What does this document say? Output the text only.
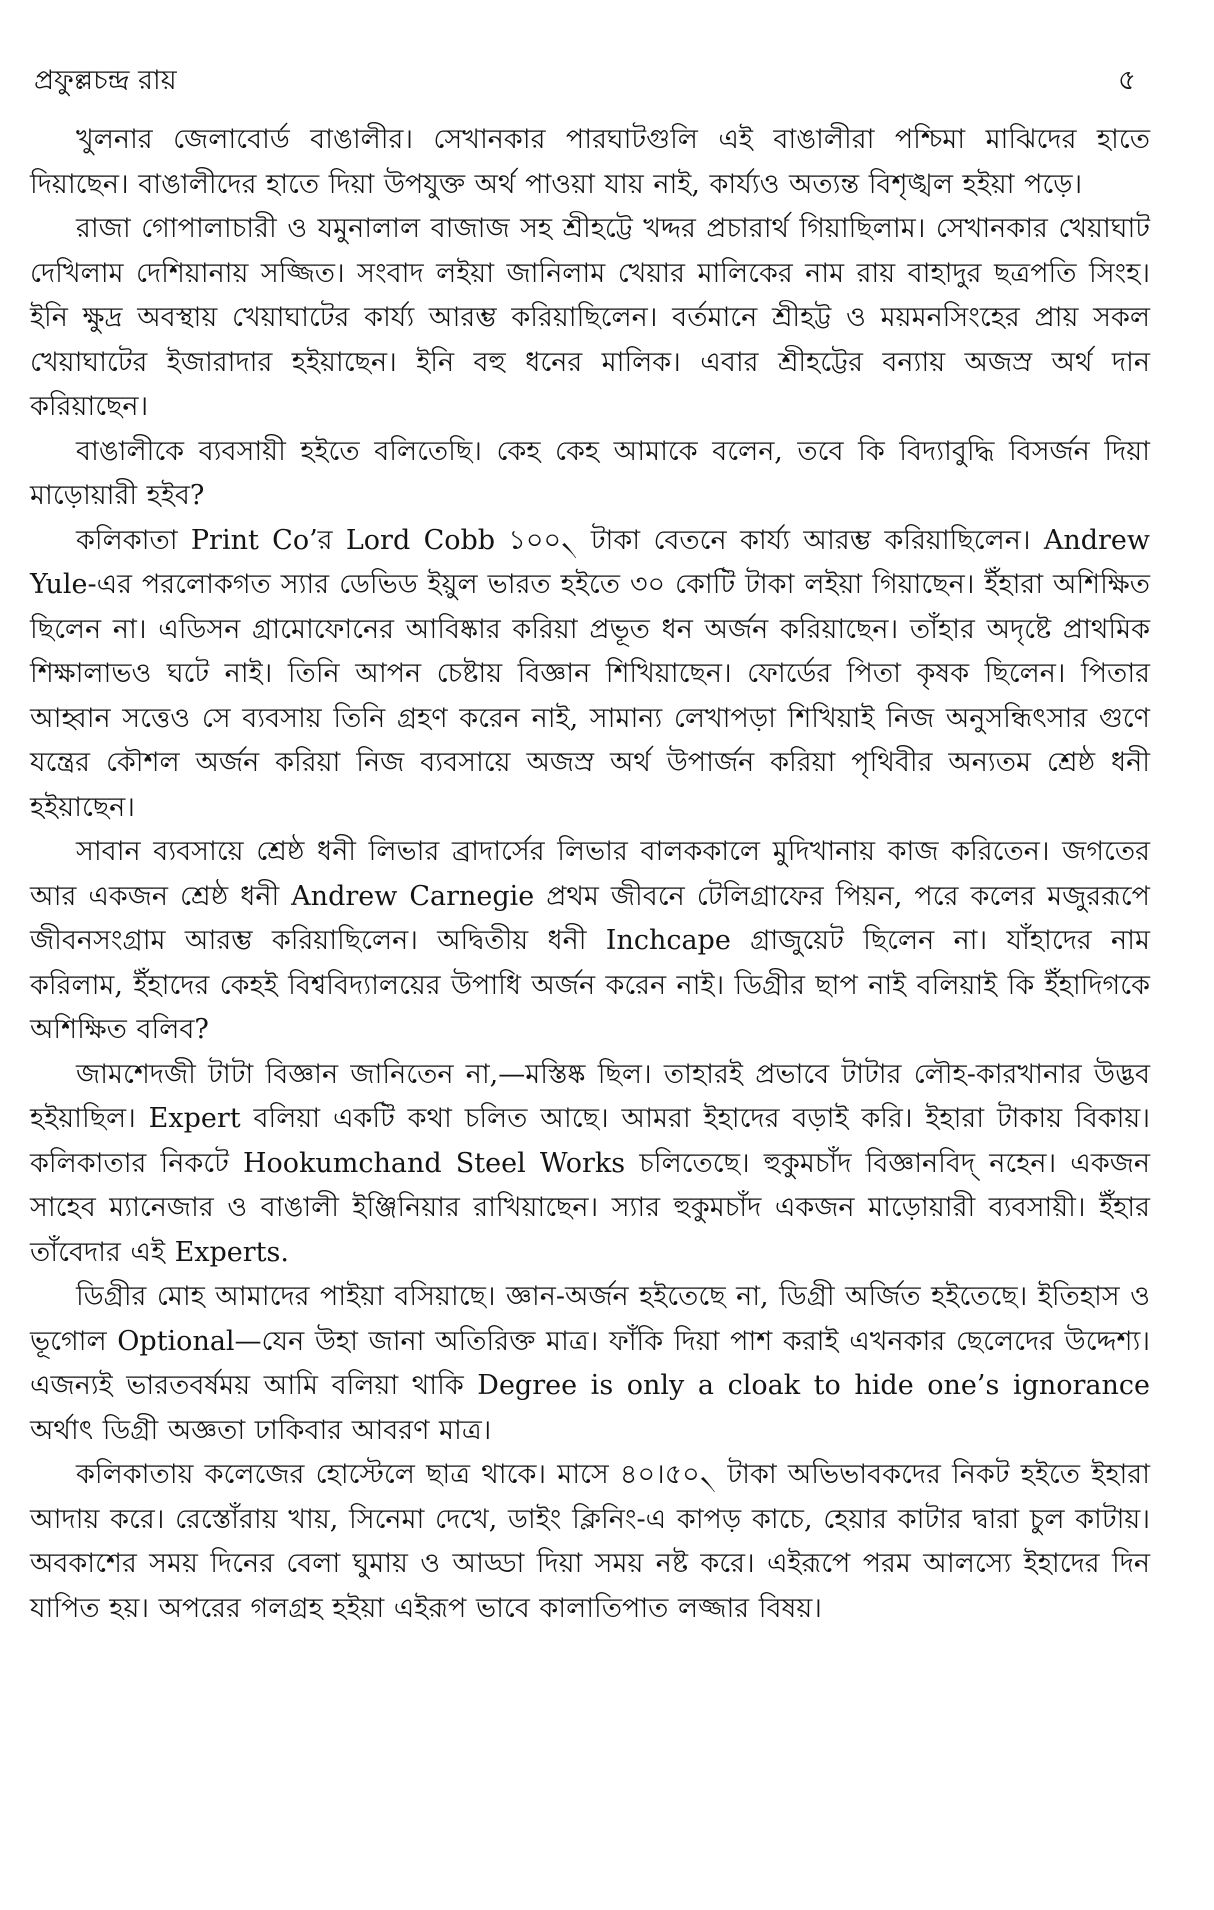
প্রফুল্লচন্দ্র রায়	৫

খুলনার জেলাবোর্ড বাঙালীর। সেখানকার পারঘাটগুলি এই বাঙালীরা পশ্চিমা মাঝিদের হাতে দিয়াছেন। বাঙালীদের হাতে দিয়া উপযুক্ত অর্থ পাওয়া যায় নাই, কার্য্যও অত্যন্ত বিশৃঙ্খল হইয়া পড়ে।

রাজা গোপালাচারী ও যমুনালাল বাজাজ সহ শ্রীহট্টে খদ্দর প্রচারার্থ গিয়াছিলাম। সেখানকার খেয়াঘাট দেখিলাম দেশিয়ানায় সজ্জিত। সংবাদ লইয়া জানিলাম খেয়ার মালিকের নাম রায় বাহাদুর ছত্রপতি সিংহ। ইনি ক্ষুদ্র অবস্থায় খেয়াঘাটের কার্য্য আরম্ভ করিয়াছিলেন। বর্তমানে শ্রীহট্ট ও ময়মনসিংহের প্রায় সকল খেয়াঘাটের ইজারাদার হইয়াছেন। ইনি বহু ধনের মালিক। এবার শ্রীহট্টের বন্যায় অজস্র অর্থ দান করিয়াছেন।

বাঙালীকে ব্যবসায়ী হইতে বলিতেছি। কেহ কেহ আমাকে বলেন, তবে কি বিদ্যাবুদ্ধি বিসর্জন দিয়া মাড়োয়ারী হইব?

কলিকাতা Print Co’র Lord Cobb ১০০৲ টাকা বেতনে কার্য্য আরম্ভ করিয়াছিলেন। Andrew Yule-এর পরলোকগত স্যার ডেভিড ইয়ুল ভারত হইতে ৩০ কোটি টাকা লইয়া গিয়াছেন। ইঁহারা অশিক্ষিত ছিলেন না। এডিসন গ্রামোফোনের আবিষ্কার করিয়া প্রভূত ধন অর্জন করিয়াছেন। তাঁহার অদৃষ্টে প্রাথমিক শিক্ষালাভও ঘটে নাই। তিনি আপন চেষ্টায় বিজ্ঞান শিখিয়াছেন। ফোর্ডের পিতা কৃষক ছিলেন। পিতার আহ্বান সত্তেও সে ব্যবসায় তিনি গ্রহণ করেন নাই, সামান্য লেখাপড়া শিখিয়াই নিজ অনুসন্ধিৎসার গুণে যন্ত্রের কৌশল অর্জন করিয়া নিজ ব্যবসায়ে অজস্র অর্থ উপার্জন করিয়া পৃথিবীর অন্যতম শ্রেষ্ঠ ধনী হইয়াছেন।

সাবান ব্যবসায়ে শ্রেষ্ঠ ধনী লিভার ব্রাদার্সের লিভার বালককালে মুদিখানায় কাজ করিতেন। জগতের আর একজন শ্রেষ্ঠ ধনী Andrew Carnegie প্রথম জীবনে টেলিগ্রাফের পিয়ন, পরে কলের মজুররূপে জীবনসংগ্রাম আরম্ভ করিয়াছিলেন। অদ্বিতীয় ধনী Inchcape গ্রাজুয়েট ছিলেন না। যাঁহাদের নাম করিলাম, ইঁহাদের কেহই বিশ্ববিদ্যালয়ের উপাধি অর্জন করেন নাই। ডিগ্রীর ছাপ নাই বলিয়াই কি ইঁহাদিগকে অশিক্ষিত বলিব?

জামশেদজী টাটা বিজ্ঞান জানিতেন না,—মস্তিষ্ক ছিল। তাহারই প্রভাবে টাটার লৌহ-কারখানার উদ্ভব হইয়াছিল। Expert বলিয়া একটি কথা চলিত আছে। আমরা ইহাদের বড়াই করি। ইহারা টাকায় বিকায়। কলিকাতার নিকটে Hookumchand Steel Works চলিতেছে। হুকুমচাঁদ বিজ্ঞানবিদ্ নহেন। একজন সাহেব ম্যানেজার ও বাঙালী ইঞ্জিনিয়ার রাখিয়াছেন। স্যার হুকুমচাঁদ একজন মাড়োয়ারী ব্যবসায়ী। ইঁহার তাঁবেদার এই Experts.

ডিগ্রীর মোহ আমাদের পাইয়া বসিয়াছে। জ্ঞান-অর্জন হইতেছে না, ডিগ্রী অর্জিত হইতেছে। ইতিহাস ও ভূগোল Optional—যেন উহা জানা অতিরিক্ত মাত্র। ফাঁকি দিয়া পাশ করাই এখনকার ছেলেদের উদ্দেশ্য। এজন্যই ভারতবর্ষময় আমি বলিয়া থাকি Degree is only a cloak to hide one’s ignorance অর্থাৎ ডিগ্রী অজ্ঞতা ঢাকিবার আবরণ মাত্র।

কলিকাতায় কলেজের হোস্টেলে ছাত্র থাকে। মাসে ৪০।৫০৲ টাকা অভিভাবকদের নিকট হইতে ইহারা আদায় করে। রেস্তোঁরায় খায়, সিনেমা দেখে, ডাইং ক্লিনিং-এ কাপড় কাচে, হেয়ার কাটার দ্বারা চুল কাটায়। অবকাশের সময় দিনের বেলা ঘুমায় ও আড্ডা দিয়া সময় নষ্ট করে। এইরূপে পরম আলস্যে ইহাদের দিন যাপিত হয়। অপরের গলগ্রহ হইয়া এইরূপ ভাবে কালাতিপাত লজ্জার বিষয়।
